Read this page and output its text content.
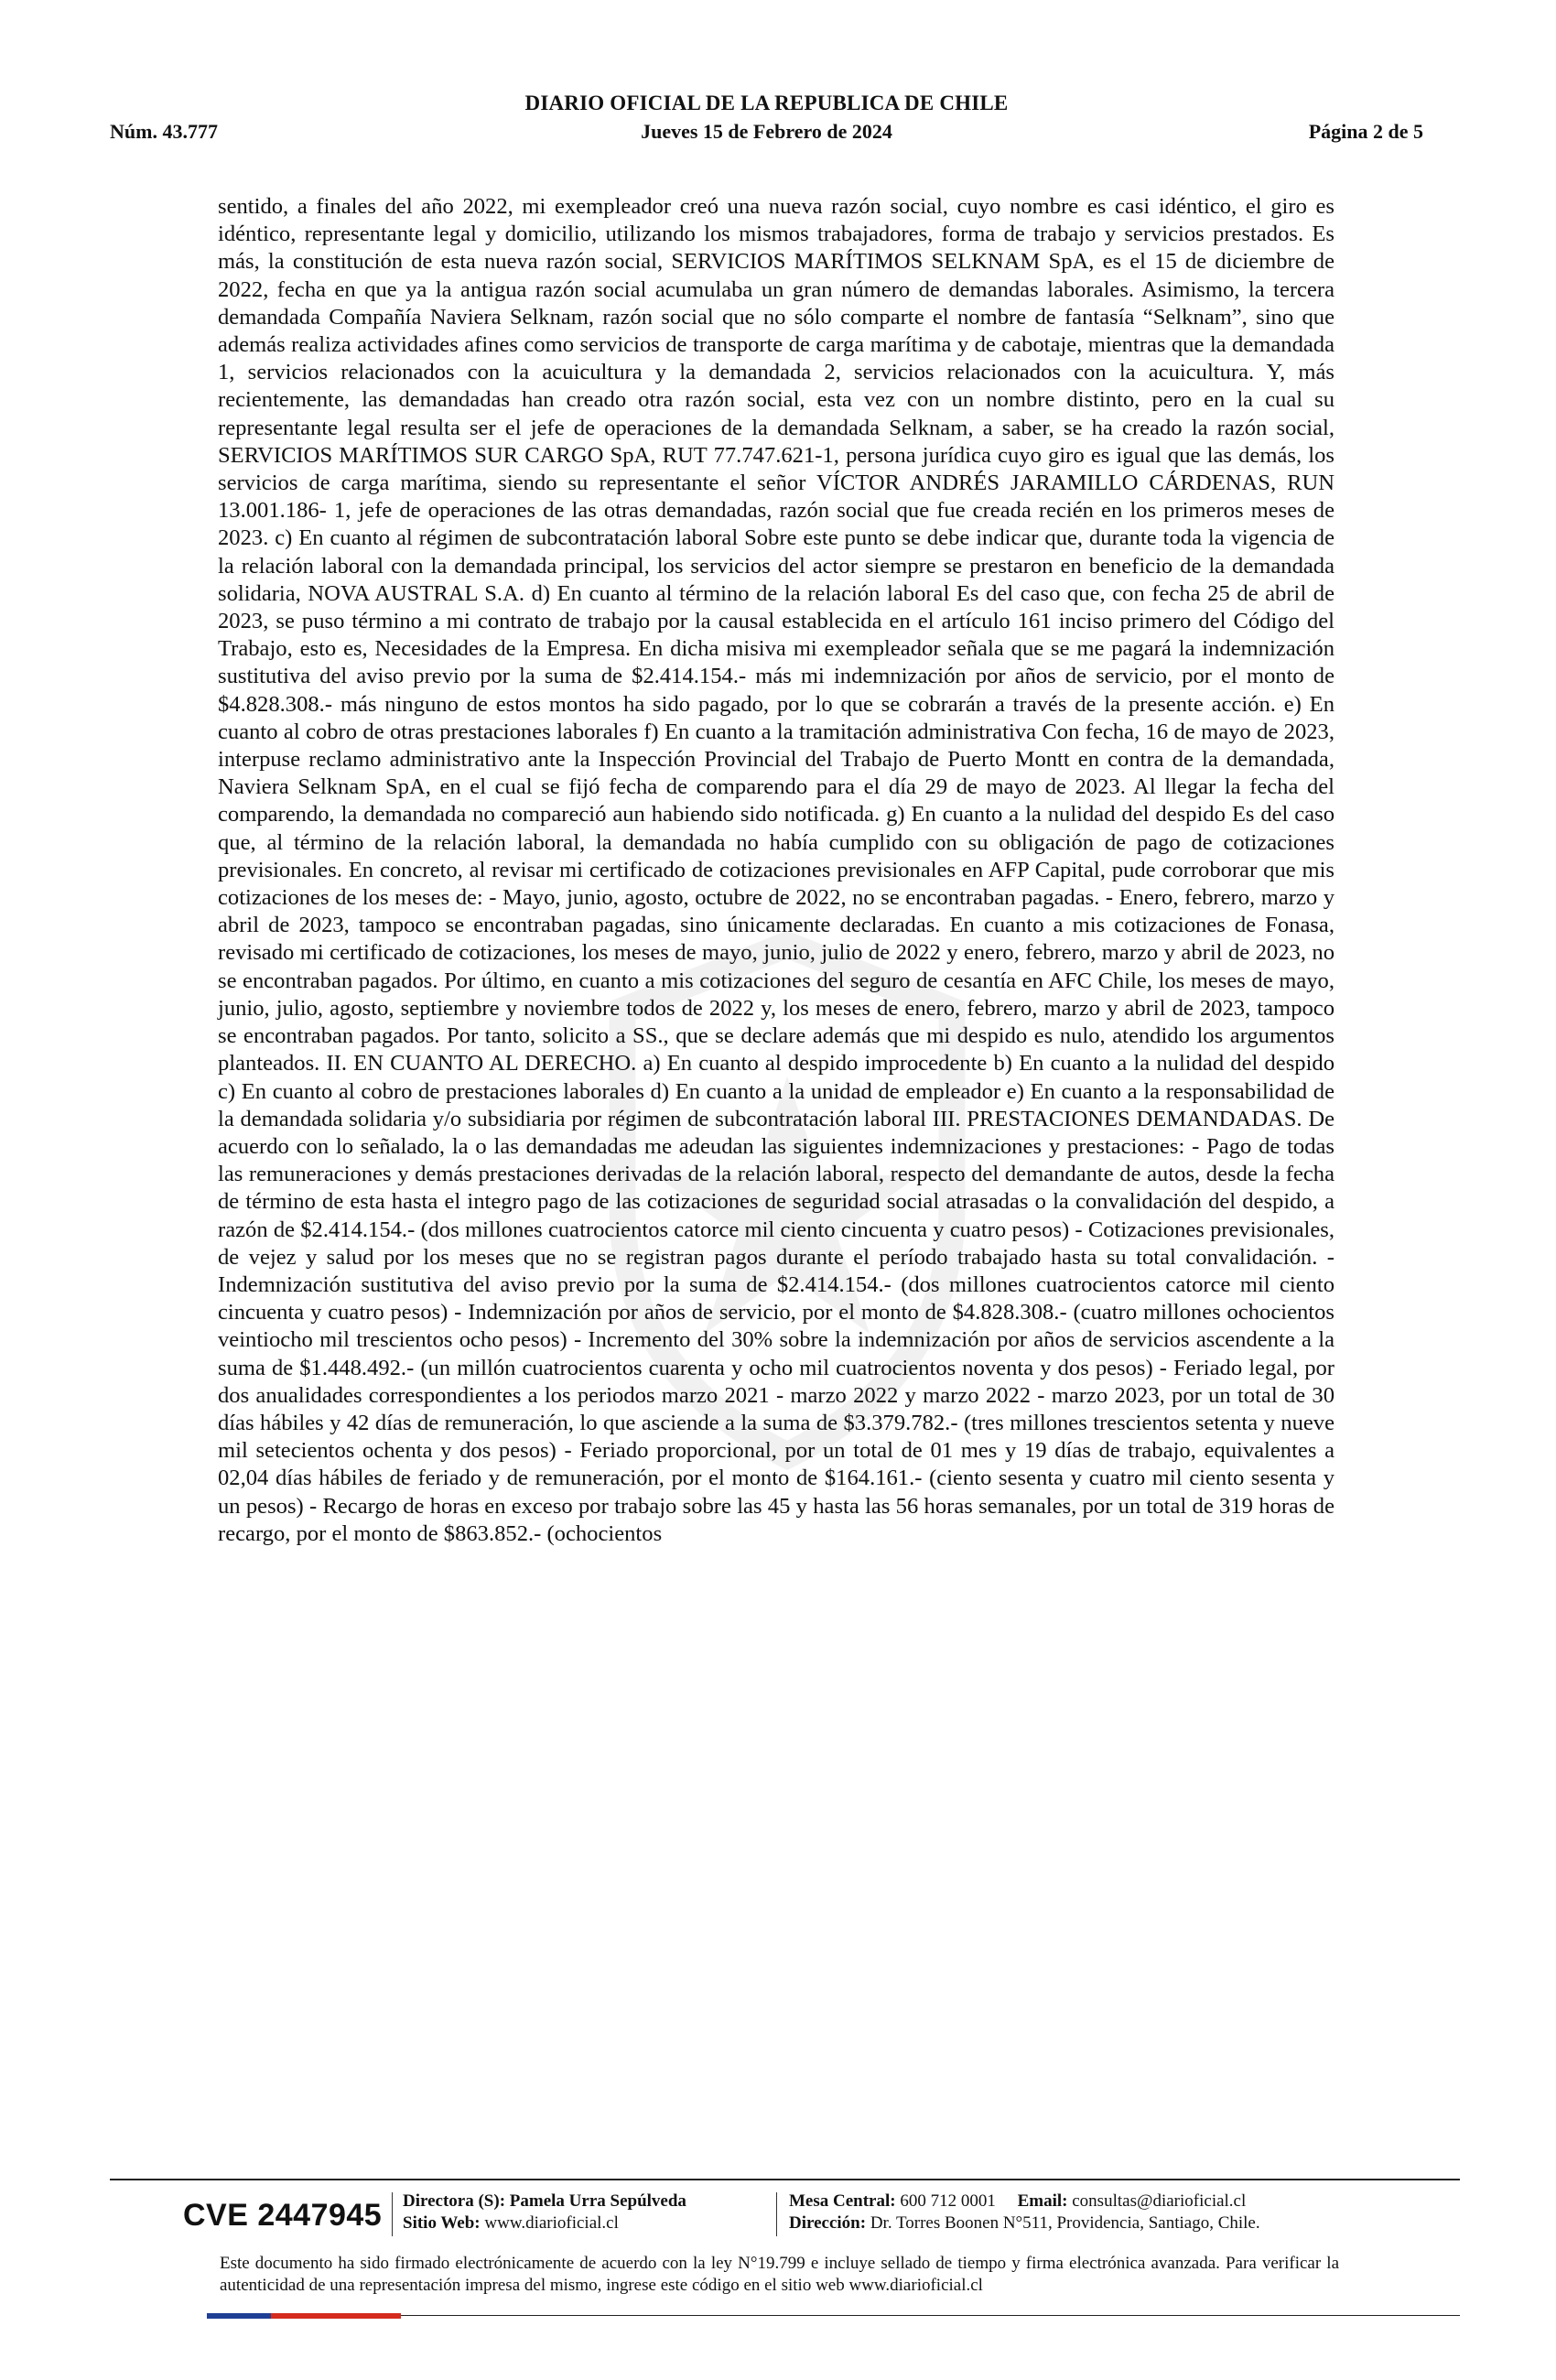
DIARIO OFICIAL DE LA REPUBLICA DE CHILE
Núm. 43.777	Jueves 15 de Febrero de 2024	Página 2 de 5
sentido, a finales del año 2022, mi exempleador creó una nueva razón social, cuyo nombre es casi idéntico, el giro es idéntico, representante legal y domicilio, utilizando los mismos trabajadores, forma de trabajo y servicios prestados. Es más, la constitución de esta nueva razón social, SERVICIOS MARÍTIMOS SELKNAM SpA, es el 15 de diciembre de 2022, fecha en que ya la antigua razón social acumulaba un gran número de demandas laborales. Asimismo, la tercera demandada Compañía Naviera Selknam, razón social que no sólo comparte el nombre de fantasía “Selknam”, sino que además realiza actividades afines como servicios de transporte de carga marítima y de cabotaje, mientras que la demandada 1, servicios relacionados con la acuicultura y la demandada 2, servicios relacionados con la acuicultura. Y, más recientemente, las demandadas han creado otra razón social, esta vez con un nombre distinto, pero en la cual su representante legal resulta ser el jefe de operaciones de la demandada Selknam, a saber, se ha creado la razón social, SERVICIOS MARÍTIMOS SUR CARGO SpA, RUT 77.747.621-1, persona jurídica cuyo giro es igual que las demás, los servicios de carga marítima, siendo su representante el señor VÍCTOR ANDRÉS JARAMILLO CÁRDENAS, RUN 13.001.186- 1, jefe de operaciones de las otras demandadas, razón social que fue creada recién en los primeros meses de 2023. c) En cuanto al régimen de subcontratación laboral Sobre este punto se debe indicar que, durante toda la vigencia de la relación laboral con la demandada principal, los servicios del actor siempre se prestaron en beneficio de la demandada solidaria, NOVA AUSTRAL S.A. d) En cuanto al término de la relación laboral Es del caso que, con fecha 25 de abril de 2023, se puso término a mi contrato de trabajo por la causal establecida en el artículo 161 inciso primero del Código del Trabajo, esto es, Necesidades de la Empresa. En dicha misiva mi exempleador señala que se me pagará la indemnización sustitutiva del aviso previo por la suma de $2.414.154.- más mi indemnización por años de servicio, por el monto de $4.828.308.- más ninguno de estos montos ha sido pagado, por lo que se cobrarán a través de la presente acción. e) En cuanto al cobro de otras prestaciones laborales f) En cuanto a la tramitación administrativa Con fecha, 16 de mayo de 2023, interpuse reclamo administrativo ante la Inspección Provincial del Trabajo de Puerto Montt en contra de la demandada, Naviera Selknam SpA, en el cual se fijó fecha de comparendo para el día 29 de mayo de 2023. Al llegar la fecha del comparendo, la demandada no compareció aun habiendo sido notificada. g) En cuanto a la nulidad del despido Es del caso que, al término de la relación laboral, la demandada no había cumplido con su obligación de pago de cotizaciones previsionales. En concreto, al revisar mi certificado de cotizaciones previsionales en AFP Capital, pude corroborar que mis cotizaciones de los meses de: - Mayo, junio, agosto, octubre de 2022, no se encontraban pagadas. - Enero, febrero, marzo y abril de 2023, tampoco se encontraban pagadas, sino únicamente declaradas. En cuanto a mis cotizaciones de Fonasa, revisado mi certificado de cotizaciones, los meses de mayo, junio, julio de 2022 y enero, febrero, marzo y abril de 2023, no se encontraban pagados. Por último, en cuanto a mis cotizaciones del seguro de cesantía en AFC Chile, los meses de mayo, junio, julio, agosto, septiembre y noviembre todos de 2022 y, los meses de enero, febrero, marzo y abril de 2023, tampoco se encontraban pagados. Por tanto, solicito a SS., que se declare además que mi despido es nulo, atendido los argumentos planteados. II. EN CUANTO AL DERECHO. a) En cuanto al despido improcedente b) En cuanto a la nulidad del despido c) En cuanto al cobro de prestaciones laborales d) En cuanto a la unidad de empleador e) En cuanto a la responsabilidad de la demandada solidaria y/o subsidiaria por régimen de subcontratación laboral III. PRESTACIONES DEMANDADAS. De acuerdo con lo señalado, la o las demandadas me adeudan las siguientes indemnizaciones y prestaciones: - Pago de todas las remuneraciones y demás prestaciones derivadas de la relación laboral, respecto del demandante de autos, desde la fecha de término de esta hasta el integro pago de las cotizaciones de seguridad social atrasadas o la convalidación del despido, a razón de $2.414.154.- (dos millones cuatrocientos catorce mil ciento cincuenta y cuatro pesos) - Cotizaciones previsionales, de vejez y salud por los meses que no se registran pagos durante el período trabajado hasta su total convalidación. - Indemnización sustitutiva del aviso previo por la suma de $2.414.154.- (dos millones cuatrocientos catorce mil ciento cincuenta y cuatro pesos) - Indemnización por años de servicio, por el monto de $4.828.308.- (cuatro millones ochocientos veintiocho mil trescientos ocho pesos) - Incremento del 30% sobre la indemnización por años de servicios ascendente a la suma de $1.448.492.- (un millón cuatrocientos cuarenta y ocho mil cuatrocientos noventa y dos pesos) - Feriado legal, por dos anualidades correspondientes a los periodos marzo 2021 - marzo 2022 y marzo 2022 - marzo 2023, por un total de 30 días hábiles y 42 días de remuneración, lo que asciende a la suma de $3.379.782.- (tres millones trescientos setenta y nueve mil setecientos ochenta y dos pesos) - Feriado proporcional, por un total de 01 mes y 19 días de trabajo, equivalentes a 02,04 días hábiles de feriado y de remuneración, por el monto de $164.161.- (ciento sesenta y cuatro mil ciento sesenta y un pesos) - Recargo de horas en exceso por trabajo sobre las 45 y hasta las 56 horas semanales, por un total de 319 horas de recargo, por el monto de $863.852.- (ochocientos
CVE 2447945 Directora (S): Pamela Urra Sepúlveda
Sitio Web: www.diarioficial.cl
Mesa Central: 600 712 0001 Email: consultas@diarioficial.cl
Dirección: Dr. Torres Boonen N°511, Providencia, Santiago, Chile.
Este documento ha sido firmado electrónicamente de acuerdo con la ley N°19.799 e incluye sellado de tiempo y firma electrónica avanzada. Para verificar la autenticidad de una representación impresa del mismo, ingrese este código en el sitio web www.diarioficial.cl
